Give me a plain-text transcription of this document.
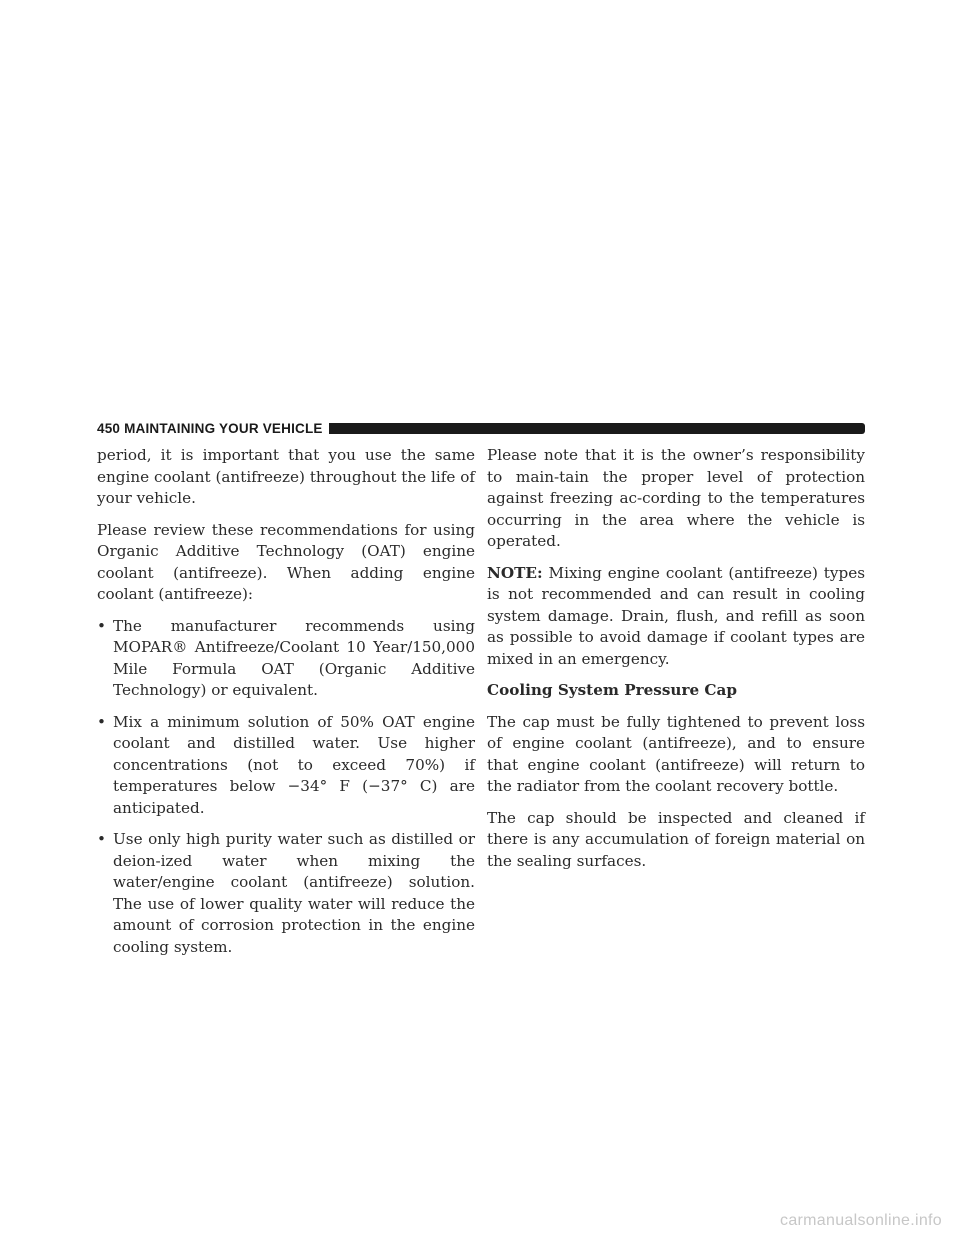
450 MAINTAINING YOUR VEHICLE

period, it is important that you use the same engine coolant (antifreeze) throughout the life of your vehicle.

Please review these recommendations for using Organic Additive Technology (OAT) engine coolant (antifreeze). When adding engine coolant (antifreeze):

• The manufacturer recommends using MOPAR® Antifreeze/Coolant 10 Year/150,000 Mile Formula OAT (Organic Additive Technology) or equivalent.
• Mix a minimum solution of 50% OAT engine coolant and distilled water. Use higher concentrations (not to exceed 70%) if temperatures below −34° F (−37° C) are anticipated.
• Use only high purity water such as distilled or deion-ized water when mixing the water/engine coolant (antifreeze) solution. The use of lower quality water will reduce the amount of corrosion protection in the engine cooling system.

Please note that it is the owner’s responsibility to main-tain the proper level of protection against freezing ac-cording to the temperatures occurring in the area where the vehicle is operated.

NOTE: Mixing engine coolant (antifreeze) types is not recommended and can result in cooling system damage. Drain, flush, and refill as soon as possible to avoid damage if coolant types are mixed in an emergency.

Cooling System Pressure Cap

The cap must be fully tightened to prevent loss of engine coolant (antifreeze), and to ensure that engine coolant (antifreeze) will return to the radiator from the coolant recovery bottle.

The cap should be inspected and cleaned if there is any accumulation of foreign material on the sealing surfaces.

carmanualsonline.info
